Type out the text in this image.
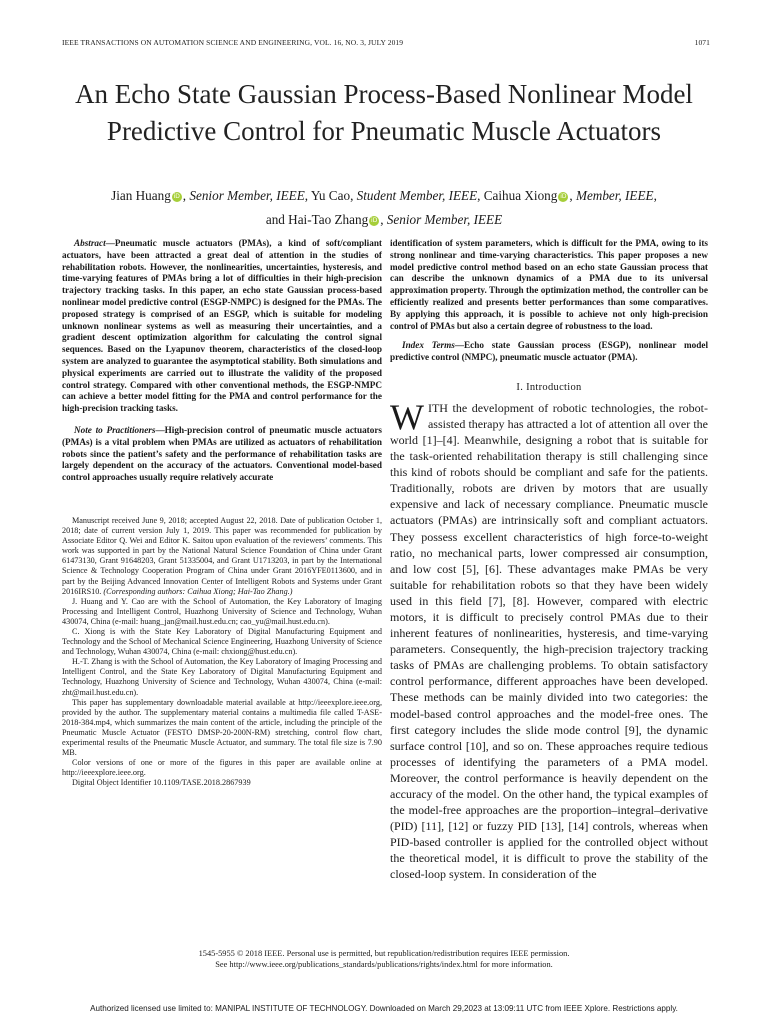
IEEE TRANSACTIONS ON AUTOMATION SCIENCE AND ENGINEERING, VOL. 16, NO. 3, JULY 2019	1071
An Echo State Gaussian Process-Based Nonlinear Model Predictive Control for Pneumatic Muscle Actuators
Jian Huang iD , Senior Member, IEEE, Yu Cao, Student Member, IEEE, Caihua Xiong iD , Member, IEEE,
and Hai-Tao Zhang iD , Senior Member, IEEE

Abstract—Pneumatic muscle actuators (PMAs), a kind of soft/compliant actuators, have been attracted a great deal of attention in the studies of rehabilitation robots. However, the nonlinearities, uncertainties, hysteresis, and time-varying features of PMAs bring a lot of difficulties in their high-precision trajectory tracking tasks. In this paper, an echo state Gaussian process-based nonlinear model predictive control (ESGP-NMPC) is designed for the PMAs. The proposed strategy is comprised of an ESGP, which is suitable for modeling unknown nonlinear systems as well as measuring their uncertainties, and a gradient descent optimization algorithm for calculating the control signal sequences. Based on the Lyapunov theorem, characteristics of the closed-loop system are analyzed to guarantee the asymptotical stability. Both simulations and physical experiments are carried out to illustrate the validity of the proposed control strategy. Compared with other conventional methods, the ESGP-NMPC can achieve a better model fitting for the PMA and control performance for the high-precision tracking tasks.

Note to Practitioners—High-precision control of pneumatic muscle actuators (PMAs) is a vital problem when PMAs are utilized as actuators of rehabilitation robots since the patient’s safety and the performance of rehabilitation tasks are largely dependent on the accuracy of the actuators. Conventional model-based control approaches usually require relatively accurate

Manuscript received June 9, 2018; accepted August 22, 2018. Date of publication October 1, 2018; date of current version July 1, 2019. This paper was recommended for publication by Associate Editor Q. Wei and Editor K. Saitou upon evaluation of the reviewers’ comments. This work was supported in part by the National Natural Science Foundation of China under Grant 61473130, Grant 91648203, Grant 51335004, and Grant U1713203, in part by the International Science & Technology Cooperation Program of China under Grant 2016YFE0113600, and in part by the Beijing Advanced Innovation Center of Intelligent Robots and Systems under Grant 2016IRS10. (Corresponding authors: Caihua Xiong; Hai-Tao Zhang.)

J. Huang and Y. Cao are with the School of Automation, the Key Laboratory of Imaging Processing and Intelligent Control, Huazhong University of Science and Technology, Wuhan 430074, China (e-mail: huang_jan@mail.hust.edu.cn; cao_yu@mail.hust.edu.cn).

C. Xiong is with the State Key Laboratory of Digital Manufacturing Equipment and Technology and the School of Mechanical Science Engineering, Huazhong University of Science and Technology, Wuhan 430074, China (e-mail: chxiong@hust.edu.cn).

H.-T. Zhang is with the School of Automation, the Key Laboratory of Imaging Processing and Intelligent Control, and the State Key Laboratory of Digital Manufacturing Equipment and Technology, Huazhong University of Science and Technology, Wuhan 430074, China (e-mail: zht@mail.hust.edu.cn).

This paper has supplementary downloadable material available at http://ieeexplore.ieee.org, provided by the author. The supplementary material contains a multimedia file called T-ASE-2018-384.mp4, which summarizes the main content of the article, including the principle of the Pneumatic Muscle Actuator (FESTO DMSP-20-200N-RM) stretching, control flow chart, experimental results of the Pneumatic Muscle Actuator, and summary. The total file size is 7.90 MB.

Color versions of one or more of the figures in this paper are available online at http://ieeexplore.ieee.org.

Digital Object Identifier 10.1109/TASE.2018.2867939

identification of system parameters, which is difficult for the PMA, owing to its strong nonlinear and time-varying characteristics. This paper proposes a new model predictive control method based on an echo state Gaussian process that can describe the unknown dynamics of a PMA due to its universal approximation property. Through the optimization method, the controller can be efficiently realized and presents better performances than some comparatives. By applying this approach, it is possible to achieve not only high-precision control of PMAs but also a certain degree of robustness to the load.

Index Terms—Echo state Gaussian process (ESGP), nonlinear model predictive control (NMPC), pneumatic muscle actuator (PMA).

I. Introduction

WITH the development of robotic technologies, the robot-assisted therapy has attracted a lot of attention all over the world [1]–[4]. Meanwhile, designing a robot that is suitable for the task-oriented rehabilitation therapy is still challenging since this kind of robots should be compliant and safe for the patients. Traditionally, robots are driven by motors that are usually expensive and lack of necessary compliance. Pneumatic muscle actuators (PMAs) are intrinsically soft and compliant actuators. They possess excellent characteristics of high force-to-weight ratio, no mechanical parts, lower compressed air consumption, and low cost [5], [6]. These advantages make PMAs be very suitable for rehabilitation robots so that they have been widely used in this field [7], [8]. However, compared with electric motors, it is difficult to precisely control PMAs due to their inherent features of nonlinearities, hysteresis, and time-varying parameters. Consequently, the high-precision trajectory tracking tasks of PMAs are challenging problems. To obtain satisfactory control performance, different approaches have been developed. These methods can be mainly divided into two categories: the model-based control approaches and the model-free ones. The first category includes the slide mode control [9], the dynamic surface control [10], and so on. These approaches require tedious processes of identifying the parameters of a PMA model. Moreover, the control performance is heavily dependent on the accuracy of the model. On the other hand, the typical examples of the model-free approaches are the proportion–integral–derivative (PID) [11], [12] or fuzzy PID [13], [14] controls, whereas when PID-based controller is applied for the controlled object without the theoretical model, it is difficult to prove the stability of the closed-loop system. In consideration of the

1545-5955 © 2018 IEEE. Personal use is permitted, but republication/redistribution requires IEEE permission.
See http://www.ieee.org/publications_standards/publications/rights/index.html for more information.
Authorized licensed use limited to: MANIPAL INSTITUTE OF TECHNOLOGY. Downloaded on March 29,2023 at 13:09:11 UTC from IEEE Xplore. Restrictions apply.
